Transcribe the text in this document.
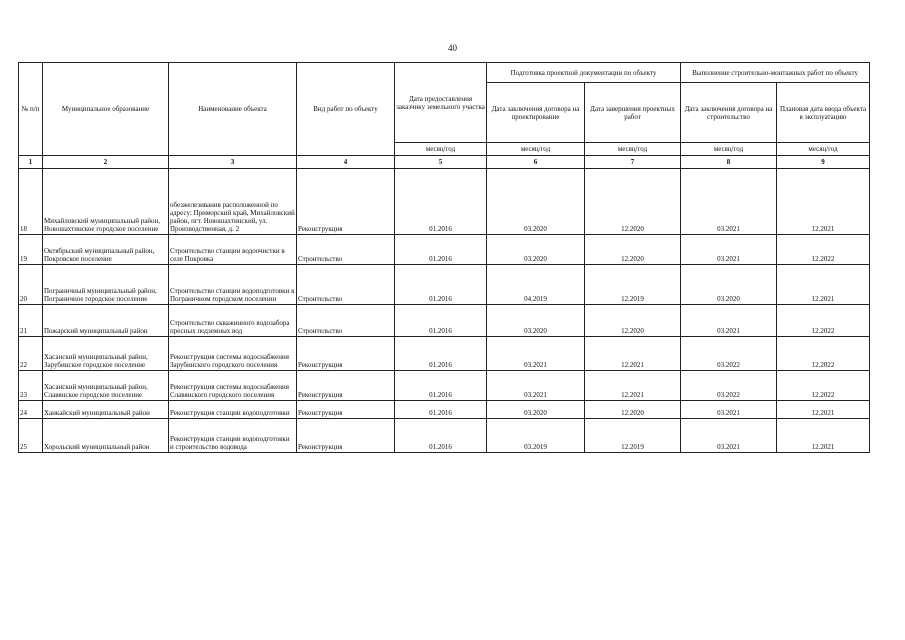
40
№ п/п	Муниципальное образование	Наименование объекта	Вид работ по объекту	Дата предоставления заказчику земельного участка	Подготовка проектной документации по объекту		Выполнение строительно-монтажных работ по объекту	
					Дата заключения договора на проектирование	Дата завершения проектных работ	Дата заключения договора на строительство	Плановая дата ввода объекта в эксплуатацию
				месяц/год	месяц/год	месяц/год	месяц/год	месяц/год
1	2	3	4	5	6	7	8	9
18	Михайловский муниципальный район, Новошахтинское городское поселение	обезжелезивания расположенной по адресу: Приморский край, Михайловский район, пгт. Новошахтинский, ул. Производственная, д. 2	Реконструкция	01.2016	03.2020	12.2020	03.2021	12.2021
19	Октябрьский муниципальный район, Покровское поселение	Строительство станции водоочистки в селе Покровка	Строительство	01.2016	03.2020	12.2020	03.2021	12.2022
20	Пограничный муниципальный район, Пограничное городское поселение	Строительство станции водоподготовки в Пограничном городском поселении	Строительство	01.2016	04.2019	12.2019	03.2020	12.2021
21	Пожарский муниципальный район	Строительство скважинного водозабора пресных подземных вод	Строительство	01.2016	03.2020	12.2020	03.2021	12.2022
22	Хасанский муниципальный район, Зарубинское городское поселение	Реконструкция системы водоснабжения Зарубинского городского поселения	Реконструкция	01.2016	03.2021	12.2021	03.2022	12.2022
23	Хасанский муниципальный район, Славянское городское поселение	Реконструкция системы водоснабжения Славянского городского поселения	Реконструкция	01.2016	03.2021	12.2021	03.2022	12.2022
24	Ханкайский муниципальный район	Реконструкция станции водоподготовки	Реконструкция	01.2016	03.2020	12.2020	03.2021	12.2021
25	Хорольский муниципальный район	Реконструкция станции водоподготовки и строительство водовода	Реконструкция	01.2016	03.2019	12.2019	03.2021	12.2021
